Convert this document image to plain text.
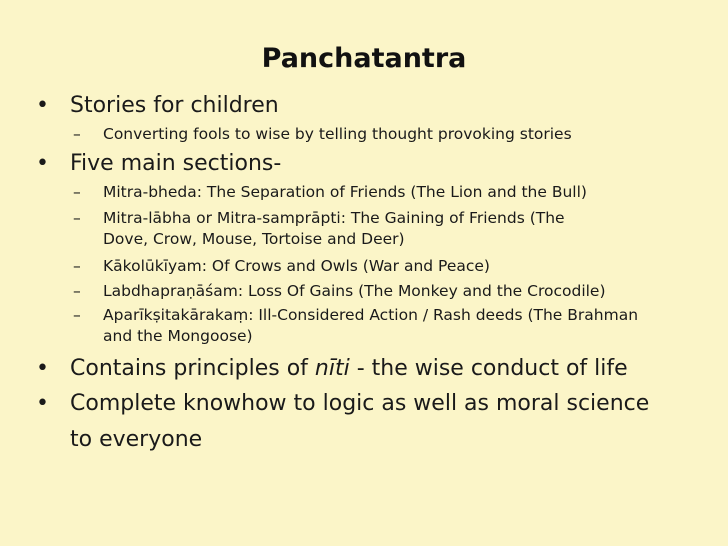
Panchatantra
• Stories for children
– Converting fools to wise by telling thought provoking stories
• Five main sections-
– Mitra-bheda: The Separation of Friends (The Lion and the Bull)
– Mitra-lābha or Mitra-samprāpti: The Gaining of Friends (The
Dove, Crow, Mouse, Tortoise and Deer)
– Kākolūkīyam: Of Crows and Owls (War and Peace)
– Labdhapraṇāśam: Loss Of Gains (The Monkey and the Crocodile)
– Aparīkṣitakārakaṃ: Ill-Considered Action / Rash deeds (The Brahman
and the Mongoose)
• Contains principles of nīti - the wise conduct of life
• Complete knowhow to logic as well as moral science
to everyone
